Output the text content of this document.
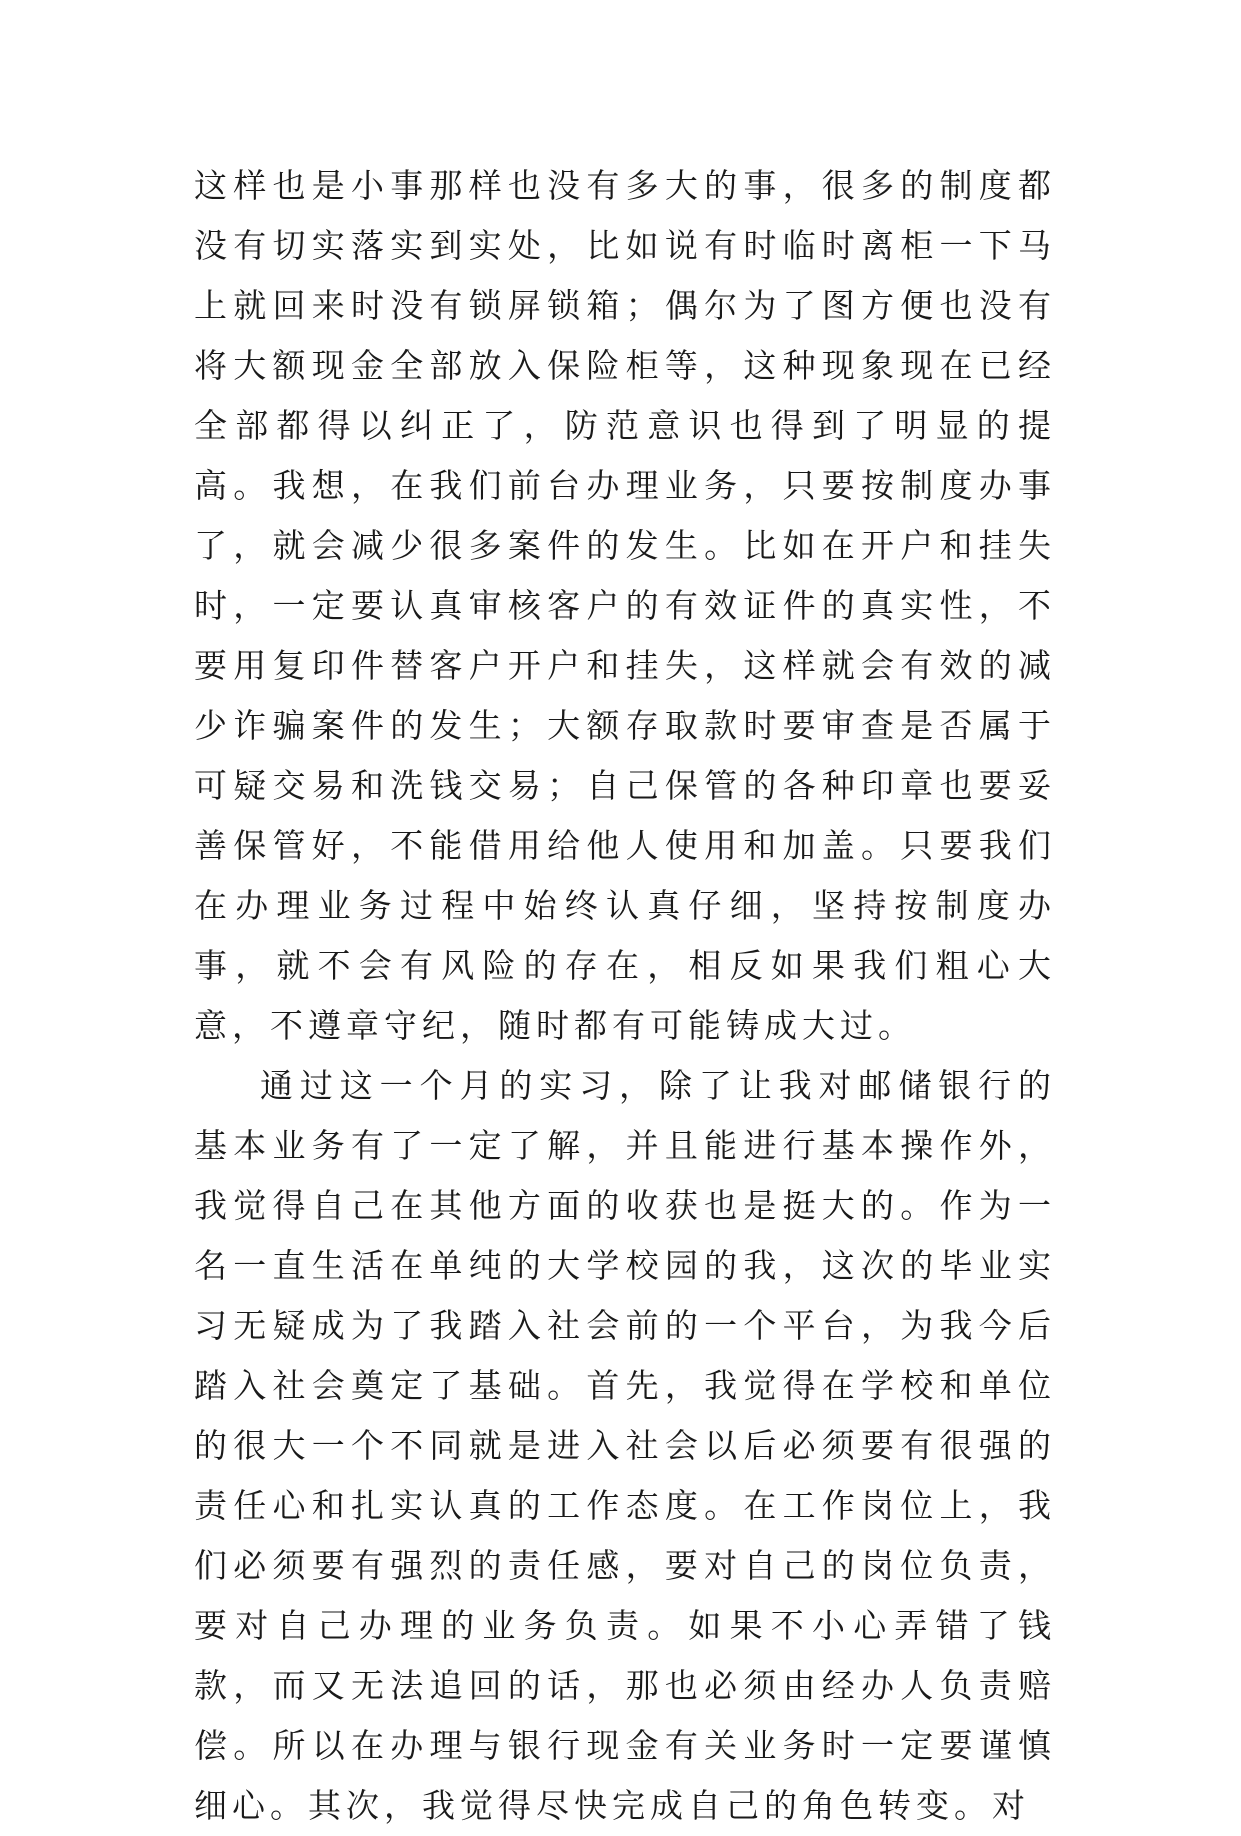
这样也是小事那样也没有多大的事，很多的制度都没有切实落实到实处，比如说有时临时离柜一下马上就回来时没有锁屏锁箱；偶尔为了图方便也没有将大额现金全部放入保险柜等，这种现象现在已经全部都得以纠正了，防范意识也得到了明显的提高。我想，在我们前台办理业务，只要按制度办事了，就会减少很多案件的发生。比如在开户和挂失时，一定要认真审核客户的有效证件的真实性，不要用复印件替客户开户和挂失，这样就会有效的减少诈骗案件的发生；大额存取款时要审查是否属于可疑交易和洗钱交易；自己保管的各种印章也要妥善保管好，不能借用给他人使用和加盖。只要我们在办理业务过程中始终认真仔细，坚持按制度办事，就不会有风险的存在，相反如果我们粗心大意，不遵章守纪，随时都有可能铸成大过。

通过这一个月的实习，除了让我对邮储银行的基本业务有了一定了解，并且能进行基本操作外，我觉得自己在其他方面的收获也是挺大的。作为一名一直生活在单纯的大学校园的我，这次的毕业实习无疑成为了我踏入社会前的一个平台，为我今后踏入社会奠定了基础。首先，我觉得在学校和单位的很大一个不同就是进入社会以后必须要有很强的责任心和扎实认真的工作态度。在工作岗位上，我们必须要有强烈的责任感，要对自己的岗位负责，要对自己办理的业务负责。如果不小心弄错了钱款，而又无法追回的话，那也必须由经办人负责赔偿。所以在办理与银行现金有关业务时一定要谨慎细心。其次，我觉得尽快完成自己的角色转变。对
